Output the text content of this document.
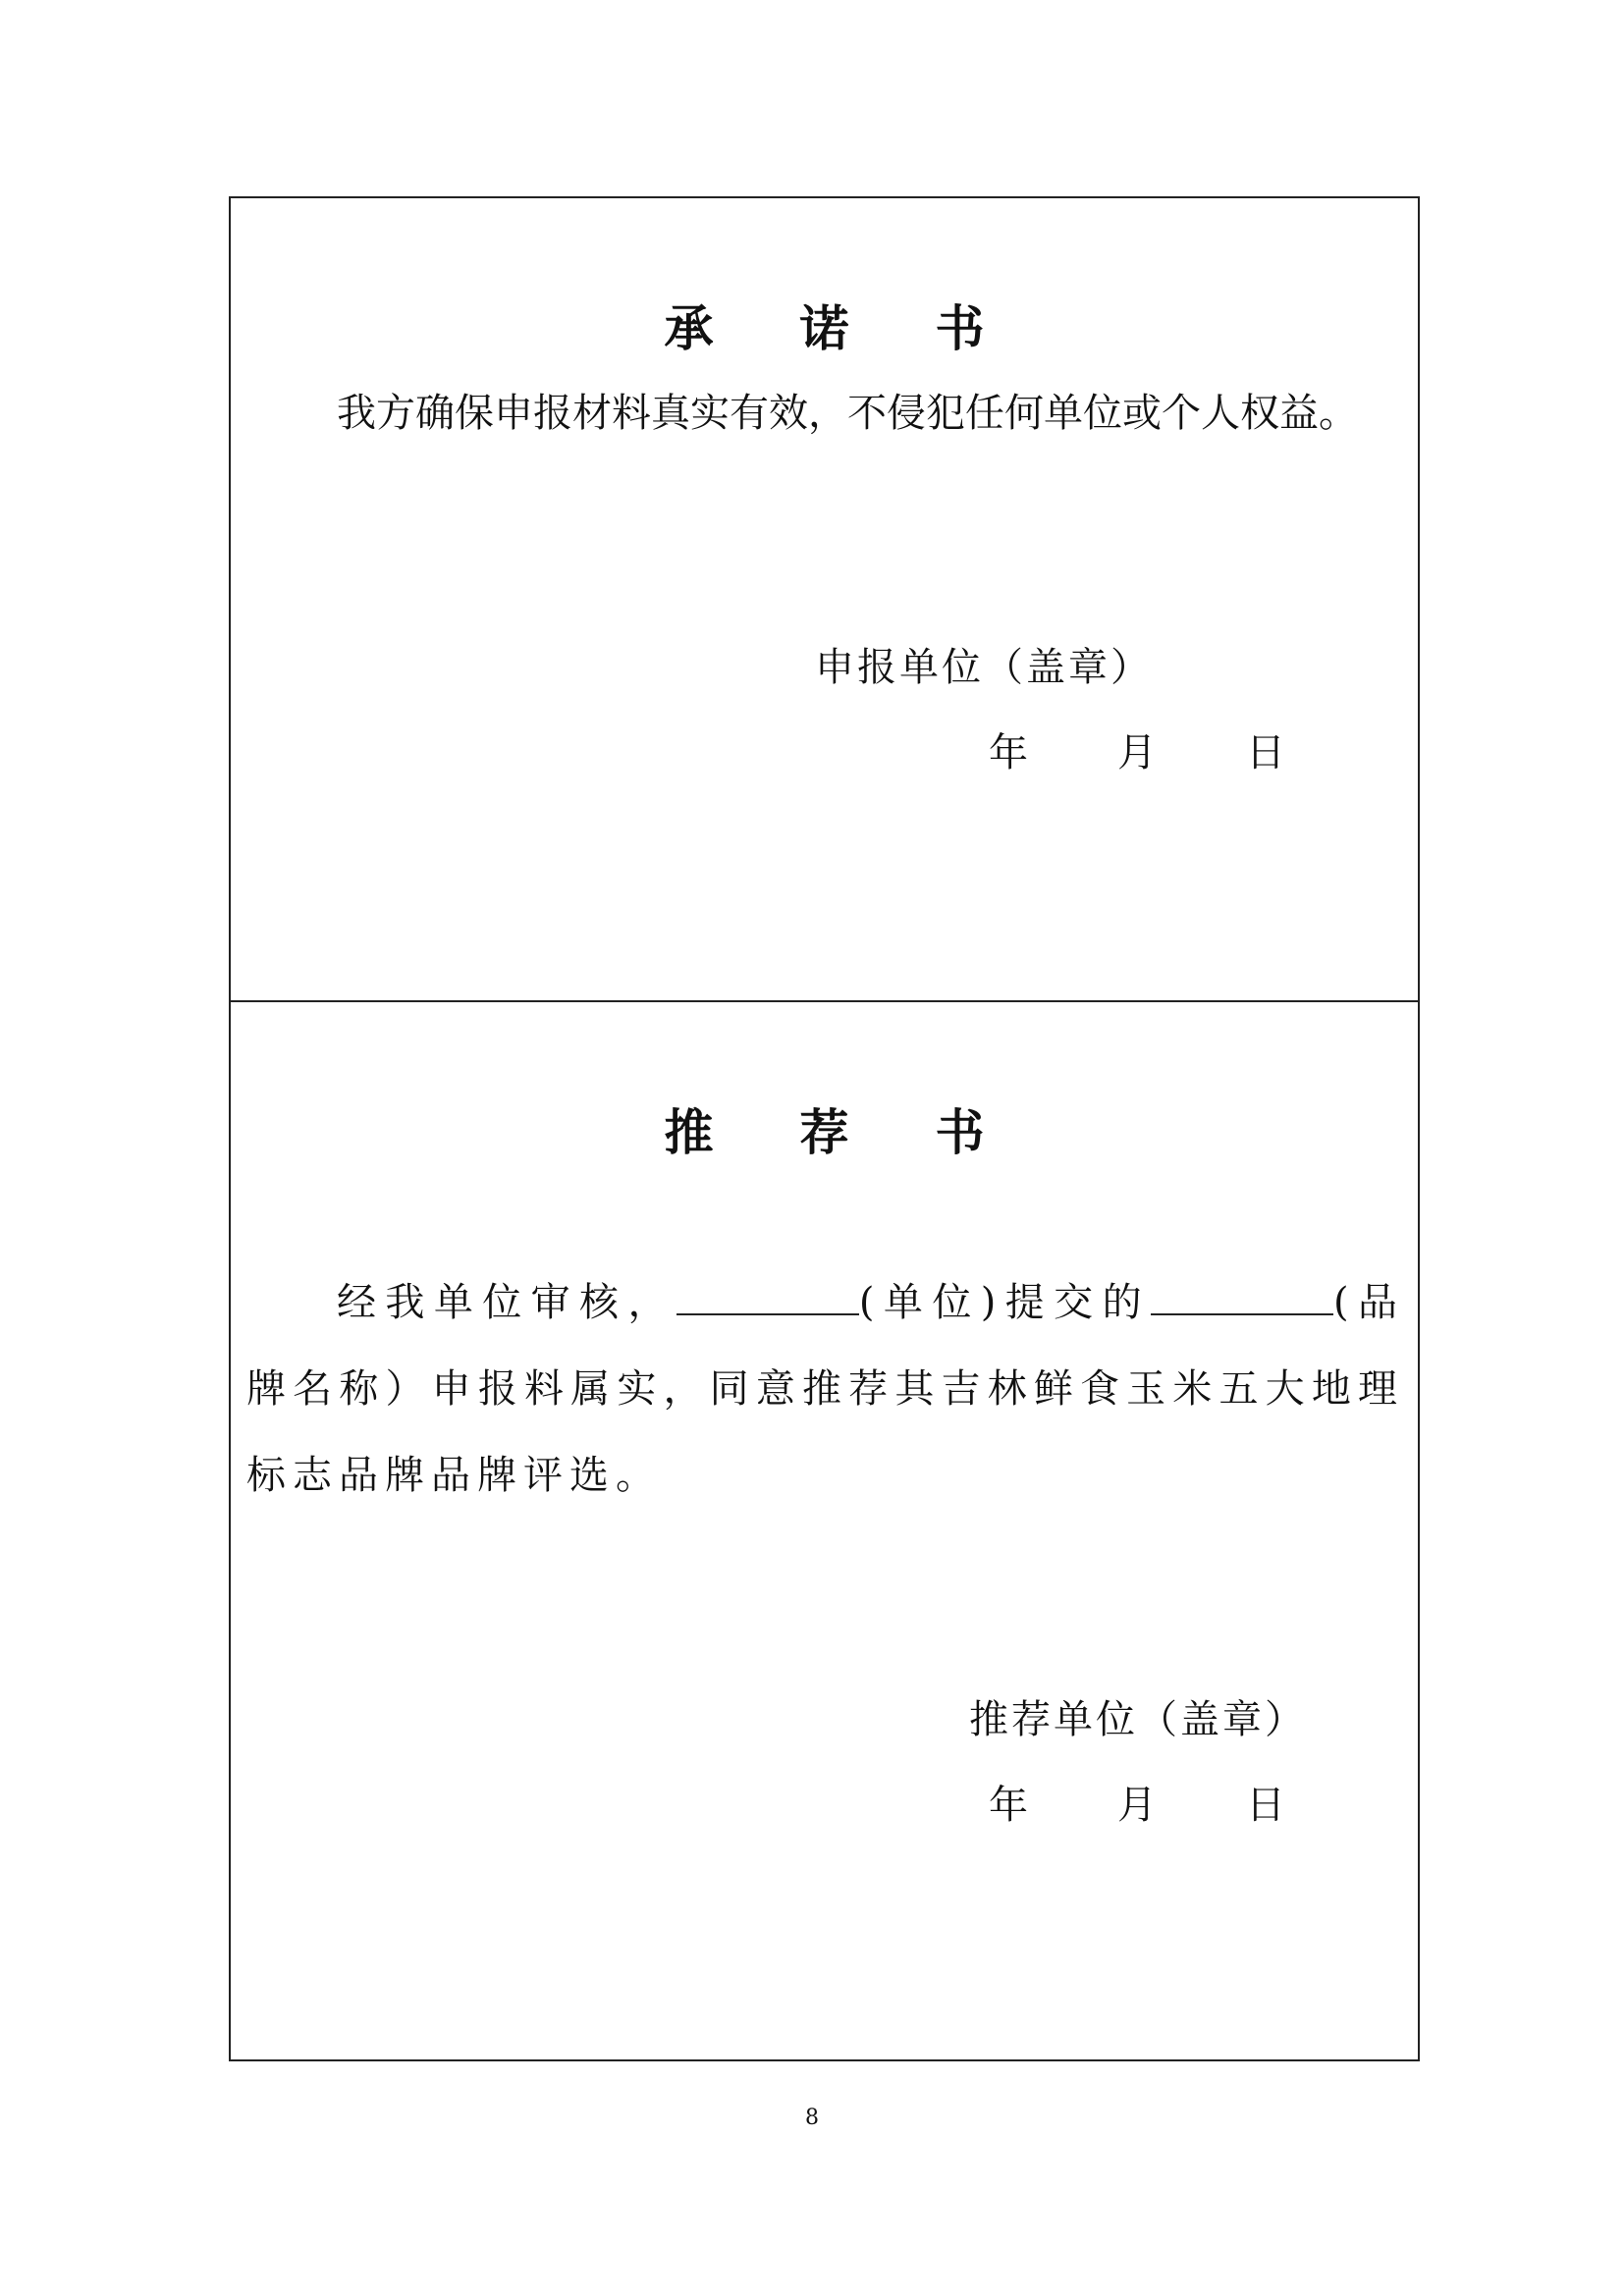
承诺书
我方确保申报材料真实有效，不侵犯任何单位或个人权益。
申报单位（盖章）
年 月 日
推荐书
经我单位审核，	(单位)提交的	(品牌名称）申报料属实，同意推荐其吉林鲜食玉米五大地理标志品牌品牌评选。
推荐单位（盖章）
年 月 日
8
